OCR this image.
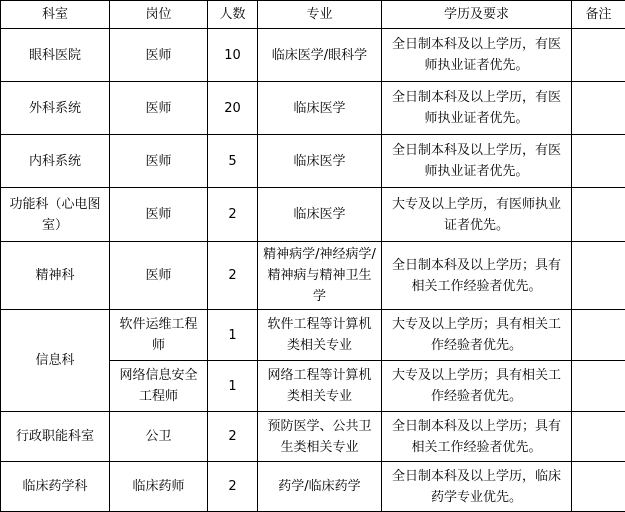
科室	岗位	人数	专业	学历及要求	备注
眼科医院	医师	10	临床医学/眼科学	全日制本科及以上学历，有医师执业证者优先。	
外科系统	医师	20	临床医学	全日制本科及以上学历，有医师执业证者优先。	
内科系统	医师	5	临床医学	全日制本科及以上学历，有医师执业证者优先。	
功能科（心电图室）	医师	2	临床医学	大专及以上学历，有医师执业证者优先。	
精神科	医师	2	精神病学/神经病学/精神病与精神卫生学	全日制本科及以上学历；具有相关工作经验者优先。	
信息科	软件运维工程师	1	软件工程等计算机类相关专业	大专及以上学历；具有相关工作经验者优先。	
	网络信息安全工程师	1	网络工程等计算机类相关专业	大专及以上学历；具有相关工作经验者优先。	
行政职能科室	公卫	2	预防医学、公共卫生类相关专业	全日制本科及以上学历；具有相关工作经验者优先。	
临床药学科	临床药师	2	药学/临床药学	全日制本科及以上学历，临床药学专业优先。	
